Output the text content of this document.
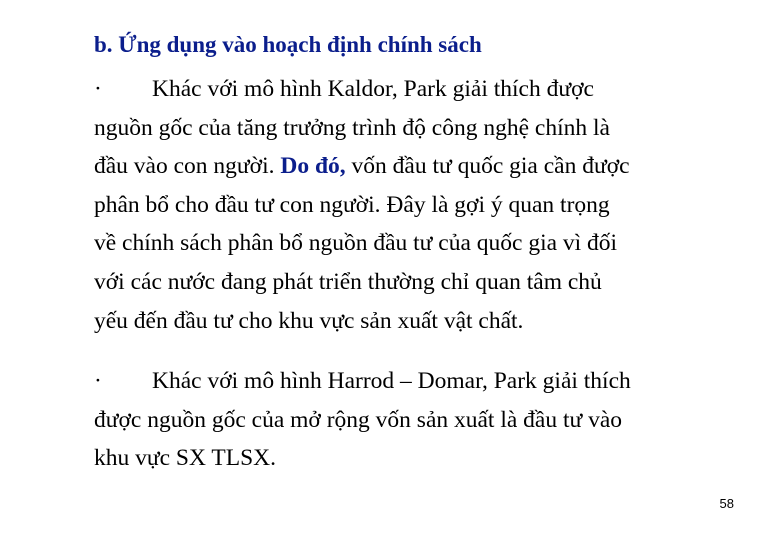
b. Ứng dụng vào hoạch định chính sách

· Khác với mô hình Kaldor, Park giải thích được
nguồn gốc của tăng trưởng trình độ công nghệ chính là
đầu vào con người. Do đó, vốn đầu tư quốc gia cần được
phân bổ cho đầu tư con người. Đây là gợi ý quan trọng
về chính sách phân bổ nguồn đầu tư của quốc gia vì đối
với các nước đang phát triển thường chỉ quan tâm chủ
yếu đến đầu tư cho khu vực sản xuất vật chất.

· Khác với mô hình Harrod – Domar, Park giải thích
được nguồn gốc của mở rộng vốn sản xuất là đầu tư vào
khu vực SX TLSX.

58
